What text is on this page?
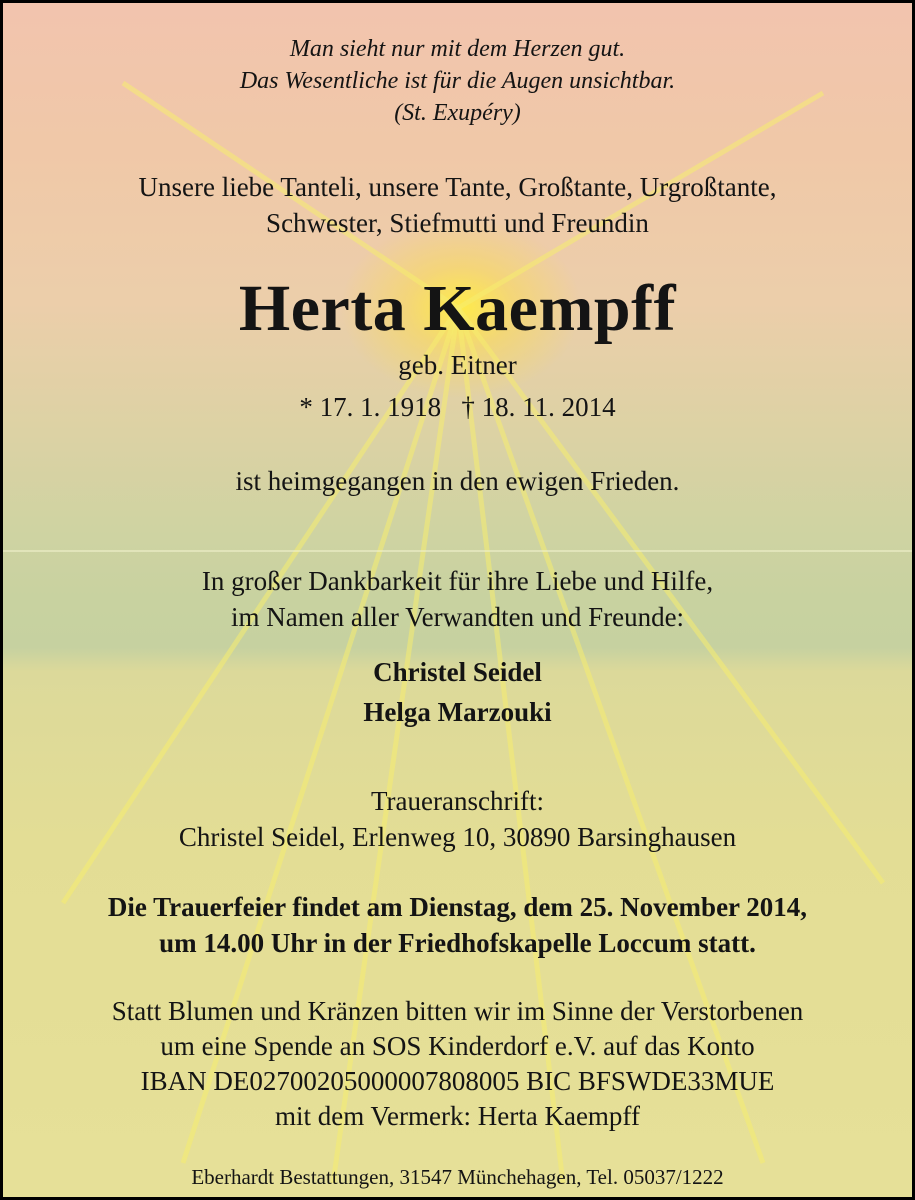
Man sieht nur mit dem Herzen gut.
Das Wesentliche ist für die Augen unsichtbar.
(St. Exupéry)
Unsere liebe Tanteli, unsere Tante, Großtante, Urgroßtante,
Schwester, Stiefmutti und Freundin
Herta Kaempff
geb. Eitner
* 17. 1. 1918   † 18. 11. 2014
ist heimgegangen in den ewigen Frieden.
In großer Dankbarkeit für ihre Liebe und Hilfe,
im Namen aller Verwandten und Freunde:
Christel Seidel
Helga Marzouki
Traueranschrift:
Christel Seidel, Erlenweg 10, 30890 Barsinghausen
Die Trauerfeier findet am Dienstag, dem 25. November 2014,
um 14.00 Uhr in der Friedhofskapelle Loccum statt.
Statt Blumen und Kränzen bitten wir im Sinne der Verstorbenen
um eine Spende an SOS Kinderdorf e.V. auf das Konto
IBAN DE02700205000007808005 BIC BFSWDE33MUE
mit dem Vermerk: Herta Kaempff
Eberhardt Bestattungen, 31547 Münchehagen, Tel. 05037/1222
